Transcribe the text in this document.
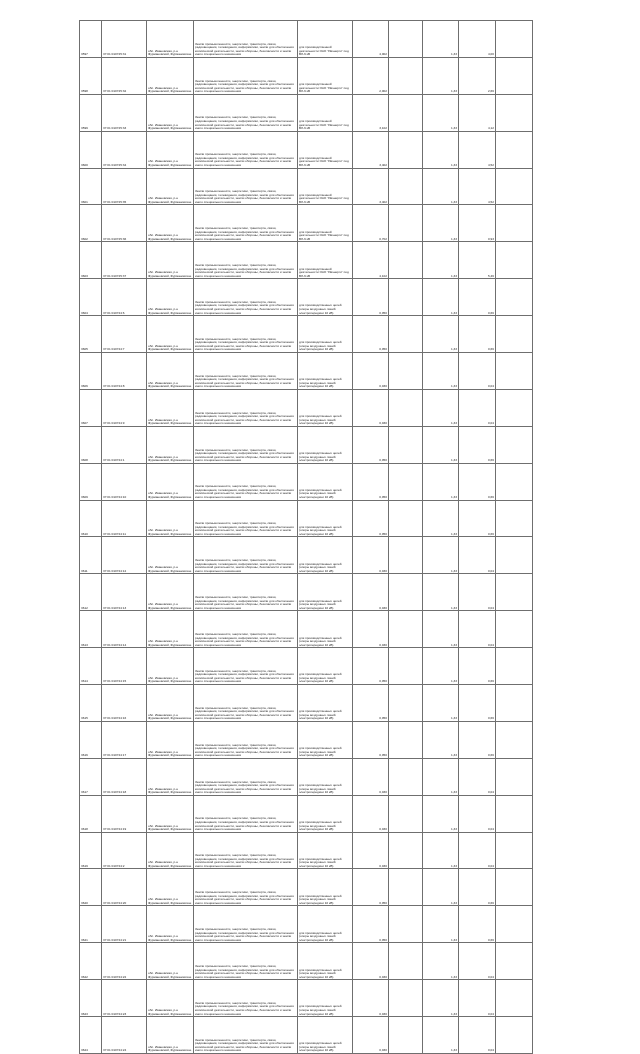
3597	37:01:010725:31	обл. Ивановская, р-н Фурмановский, Фурмановское	Земли промышленности, энергетики, транспорта, связи, радиовещания, телевидения, информатики, земли для обеспечения космической деятельности, земли обороны, безопасности и земли иного специального назначения	для производственной деятельности ОАО "Ивэнерго" под ВЛ-6 кВ	4,002		1,33	4,00	
3598	37:01:010725:32	обл. Ивановская, р-н Фурмановский, Фурмановское	Земли промышленности, энергетики, транспорта, связи, радиовещания, телевидения, информатики, земли для обеспечения космической деятельности, земли обороны, безопасности и земли иного специального назначения	для производственной деятельности ОАО "Ивэнерго" под ВЛ-6 кВ	2,002		1,33	2,66	
3599	37:01:010725:33	обл. Ивановская, р-н Фурмановский, Фурмановское	Земли промышленности, энергетики, транспорта, связи, радиовещания, телевидения, информатики, земли для обеспечения космической деятельности, земли обороны, безопасности и земли иного специального назначения	для производственной деятельности ОАО "Ивэнерго" под ВЛ-6 кВ	3,102		1,33	4,12	
3600	37:01:010725:34	обл. Ивановская, р-н Фурмановский, Фурмановское	Земли промышленности, энергетики, транспорта, связи, радиовещания, телевидения, информатики, земли для обеспечения космической деятельности, земли обороны, безопасности и земли иного специального назначения	для производственной деятельности ОАО "Ивэнерго" под ВЛ-6 кВ	3,402		1,33	4,52	
3601	37:01:010725:35	обл. Ивановская, р-н Фурмановский, Фурмановское	Земли промышленности, энергетики, транспорта, связи, радиовещания, телевидения, информатики, земли для обеспечения космической деятельности, земли обороны, безопасности и земли иного специального назначения	для производственной деятельности ОАО "Ивэнерго" под ВЛ-6 кВ	3,402		1,33	4,52	
3602	37:01:010725:36	обл. Ивановская, р-н Фурмановский, Фурмановское	Земли промышленности, энергетики, транспорта, связи, радиовещания, телевидения, информатики, земли для обеспечения космической деятельности, земли обороны, безопасности и земли иного специального назначения	для производственной деятельности ОАО "Ивэнерго" под ВЛ-6 кВ	0,702		1,33	0,93	
3603	37:01:010725:37	обл. Ивановская, р-н Фурмановский, Фурмановское	Земли промышленности, энергетики, транспорта, связи, радиовещания, телевидения, информатики, земли для обеспечения космической деятельности, земли обороны, безопасности и земли иного специального назначения	для производственной деятельности ОАО "Ивэнерго" под ВЛ-6 кВ	4,102		1,33	5,46	
3604	37:01:010724:6	обл. Ивановская, р-н Фурмановский, Фурмановское	Земли промышленности, энергетики, транспорта, связи, радиовещания, телевидения, информатики, земли для обеспечения космической деятельности, земли обороны, безопасности и земли иного специального назначения	для производственных целей (опоры воздушных линий электропередачи 10 кВ)	0,050		1,33	0,66	
3605	37:01:010724:7	обл. Ивановская, р-н Фурмановский, Фурмановское	Земли промышленности, энергетики, транспорта, связи, радиовещания, телевидения, информатики, земли для обеспечения космической деятельности, земли обороны, безопасности и земли иного специального назначения	для производственных целей (опоры воздушных линий электропередачи 10 кВ)	0,050		1,33	0,66	
3606	37:01:010724:8	обл. Ивановская, р-н Фурмановский, Фурмановское	Земли промышленности, энергетики, транспорта, связи, радиовещания, телевидения, информатики, земли для обеспечения космической деятельности, земли обороны, безопасности и земли иного специального назначения	для производственных целей (опоры воздушных линий электропередачи 10 кВ)	0,030		1,33	0,04	
3607	37:01:010724:9	обл. Ивановская, р-н Фурмановский, Фурмановское	Земли промышленности, энергетики, транспорта, связи, радиовещания, телевидения, информатики, земли для обеспечения космической деятельности, земли обороны, безопасности и земли иного специального назначения	для производственных целей (опоры воздушных линий электропередачи 10 кВ)	0,030		1,33	0,04	
3608	37:01:010724:1	обл. Ивановская, р-н Фурмановский, Фурмановское	Земли промышленности, энергетики, транспорта, связи, радиовещания, телевидения, информатики, земли для обеспечения космической деятельности, земли обороны, безопасности и земли иного специального назначения	для производственных целей (опоры воздушных линий электропередачи 10 кВ)	0,050		1,33	0,66	
3609	37:01:010724:10	обл. Ивановская, р-н Фурмановский, Фурмановское	Земли промышленности, энергетики, транспорта, связи, радиовещания, телевидения, информатики, земли для обеспечения космической деятельности, земли обороны, безопасности и земли иного специального назначения	для производственных целей (опоры воздушных линий электропередачи 10 кВ)	0,050		1,33	0,66	
3610	37:01:010724:11	обл. Ивановская, р-н Фурмановский, Фурмановское	Земли промышленности, энергетики, транспорта, связи, радиовещания, телевидения, информатики, земли для обеспечения космической деятельности, земли обороны, безопасности и земли иного специального назначения	для производственных целей (опоры воздушных линий электропередачи 10 кВ)	0,050		1,33	0,66	
3611	37:01:010724:12	обл. Ивановская, р-н Фурмановский, Фурмановское	Земли промышленности, энергетики, транспорта, связи, радиовещания, телевидения, информатики, земли для обеспечения космической деятельности, земли обороны, безопасности и земли иного специального назначения	для производственных целей (опоры воздушных линий электропередачи 10 кВ)	0,030		1,33	0,04	
3612	37:01:010724:13	обл. Ивановская, р-н Фурмановский, Фурмановское	Земли промышленности, энергетики, транспорта, связи, радиовещания, телевидения, информатики, земли для обеспечения космической деятельности, земли обороны, безопасности и земли иного специального назначения	для производственных целей (опоры воздушных линий электропередачи 10 кВ)	0,030		1,33	0,04	
3613	37:01:010724:14	обл. Ивановская, р-н Фурмановский, Фурмановское	Земли промышленности, энергетики, транспорта, связи, радиовещания, телевидения, информатики, земли для обеспечения космической деятельности, земли обороны, безопасности и земли иного специального назначения	для производственных целей (опоры воздушных линий электропередачи 10 кВ)	0,030		1,33	0,04	
3614	37:01:010724:15	обл. Ивановская, р-н Фурмановский, Фурмановское	Земли промышленности, энергетики, транспорта, связи, радиовещания, телевидения, информатики, земли для обеспечения космической деятельности, земли обороны, безопасности и земли иного специального назначения	для производственных целей (опоры воздушных линий электропередачи 10 кВ)	0,050		1,33	0,66	
3615	37:01:010724:16	обл. Ивановская, р-н Фурмановский, Фурмановское	Земли промышленности, энергетики, транспорта, связи, радиовещания, телевидения, информатики, земли для обеспечения космической деятельности, земли обороны, безопасности и земли иного специального назначения	для производственных целей (опоры воздушных линий электропередачи 10 кВ)	0,050		1,33	0,66	
3616	37:01:010724:17	обл. Ивановская, р-н Фурмановский, Фурмановское	Земли промышленности, энергетики, транспорта, связи, радиовещания, телевидения, информатики, земли для обеспечения космической деятельности, земли обороны, безопасности и земли иного специального назначения	для производственных целей (опоры воздушных линий электропередачи 10 кВ)	0,050		1,33	0,66	
3617	37:01:010724:18	обл. Ивановская, р-н Фурмановский, Фурмановское	Земли промышленности, энергетики, транспорта, связи, радиовещания, телевидения, информатики, земли для обеспечения космической деятельности, земли обороны, безопасности и земли иного специального назначения	для производственных целей (опоры воздушных линий электропередачи 10 кВ)	0,030		1,33	0,04	
3618	37:01:010724:19	обл. Ивановская, р-н Фурмановский, Фурмановское	Земли промышленности, энергетики, транспорта, связи, радиовещания, телевидения, информатики, земли для обеспечения космической деятельности, земли обороны, безопасности и земли иного специального назначения	для производственных целей (опоры воздушных линий электропередачи 10 кВ)	0,030		1,33	0,04	
3619	37:01:010724:2	обл. Ивановская, р-н Фурмановский, Фурмановское	Земли промышленности, энергетики, транспорта, связи, радиовещания, телевидения, информатики, земли для обеспечения космической деятельности, земли обороны, безопасности и земли иного специального назначения	для производственных целей (опоры воздушных линий электропередачи 10 кВ)	0,030		1,33	0,04	
3620	37:01:010724:20	обл. Ивановская, р-н Фурмановский, Фурмановское	Земли промышленности, энергетики, транспорта, связи, радиовещания, телевидения, информатики, земли для обеспечения космической деятельности, земли обороны, безопасности и земли иного специального назначения	для производственных целей (опоры воздушных линий электропередачи 10 кВ)	0,050		1,33	0,66	
3621	37:01:010724:21	обл. Ивановская, р-н Фурмановский, Фурмановское	Земли промышленности, энергетики, транспорта, связи, радиовещания, телевидения, информатики, земли для обеспечения космической деятельности, земли обороны, безопасности и земли иного специального назначения	для производственных целей (опоры воздушных линий электропередачи 10 кВ)	0,050		1,33	0,66	
3622	37:01:010724:22	обл. Ивановская, р-н Фурмановский, Фурмановское	Земли промышленности, энергетики, транспорта, связи, радиовещания, телевидения, информатики, земли для обеспечения космической деятельности, земли обороны, безопасности и земли иного специального назначения	для производственных целей (опоры воздушных линий электропередачи 10 кВ)	0,030		1,33	0,04	
3623	37:01:010724:23	обл. Ивановская, р-н Фурмановский, Фурмановское	Земли промышленности, энергетики, транспорта, связи, радиовещания, телевидения, информатики, земли для обеспечения космической деятельности, земли обороны, безопасности и земли иного специального назначения	для производственных целей (опоры воздушных линий электропередачи 10 кВ)	0,030		1,33	0,04	
3624	37:01:010724:24	обл. Ивановская, р-н Фурмановский, Фурмановское	Земли промышленности, энергетики, транспорта, связи, радиовещания, телевидения, информатики, земли для обеспечения космической деятельности, земли обороны, безопасности и земли иного специального назначения	для производственных целей (опоры воздушных линий электропередачи 10 кВ)	0,030		1,33	0,04	
